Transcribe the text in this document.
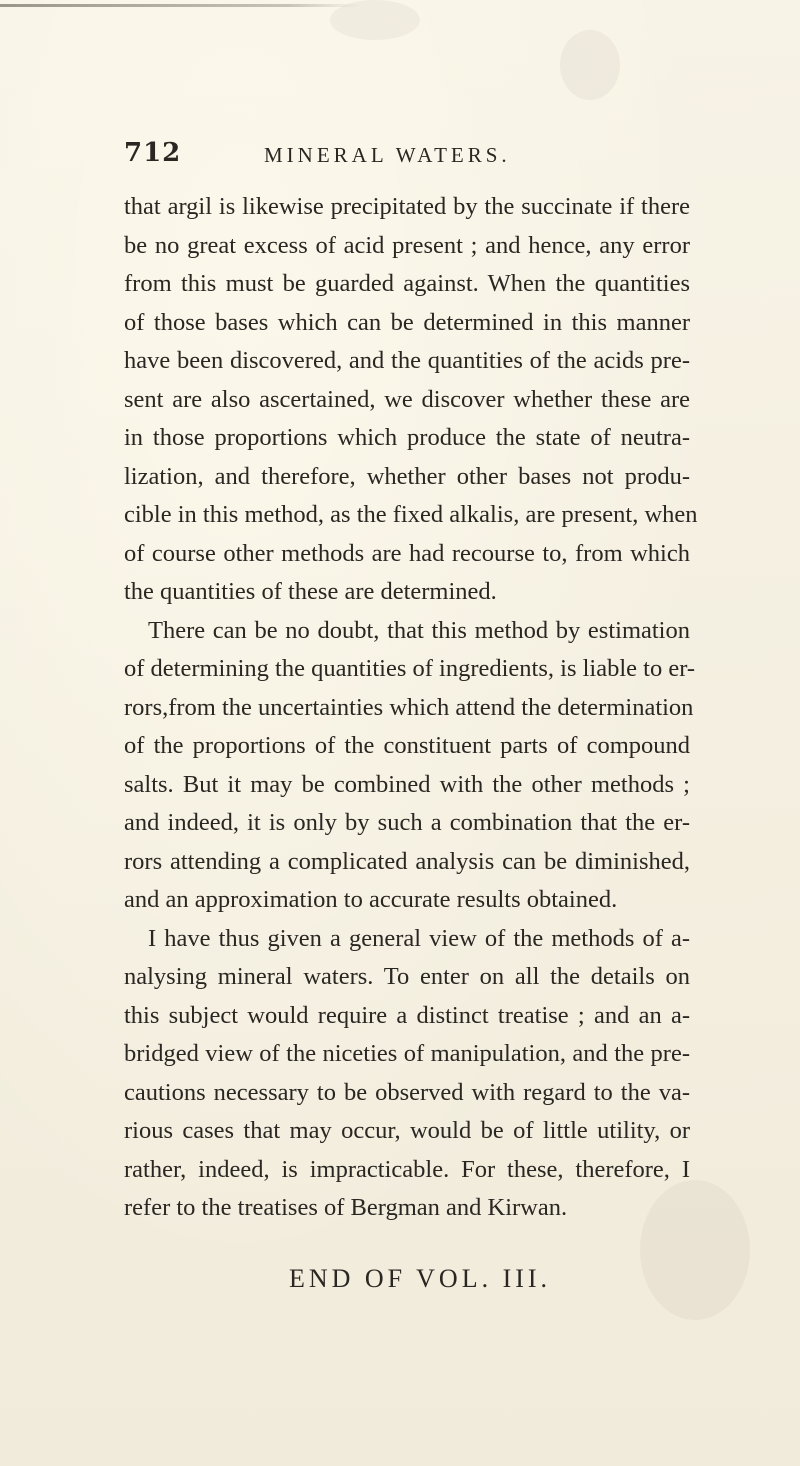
712	MINERAL WATERS.
that argil is likewise precipitated by the succinate if there
be no great excess of acid present ; and hence, any error
from this must be guarded against. When the quantities
of those bases which can be determined in this manner
have been discovered, and the quantities of the acids pre-
sent are also ascertained, we discover whether these are
in those proportions which produce the state of neutra-
lization, and therefore, whether other bases not produ-
cible in this method, as the fixed alkalis, are present, when
of course other methods are had recourse to, from which
the quantities of these are determined.
There can be no doubt, that this method by estimation
of determining the quantities of ingredients, is liable to er-
rors,from the uncertainties which attend the determination
of the proportions of the constituent parts of compound
salts. But it may be combined with the other methods ;
and indeed, it is only by such a combination that the er-
rors attending a complicated analysis can be diminished,
and an approximation to accurate results obtained.
I have thus given a general view of the methods of a-
nalysing mineral waters. To enter on all the details on
this subject would require a distinct treatise ; and an a-
bridged view of the niceties of manipulation, and the pre-
cautions necessary to be observed with regard to the va-
rious cases that may occur, would be of little utility, or
rather, indeed, is impracticable. For these, therefore, I
refer to the treatises of Bergman and Kirwan.
END OF VOL. III.
